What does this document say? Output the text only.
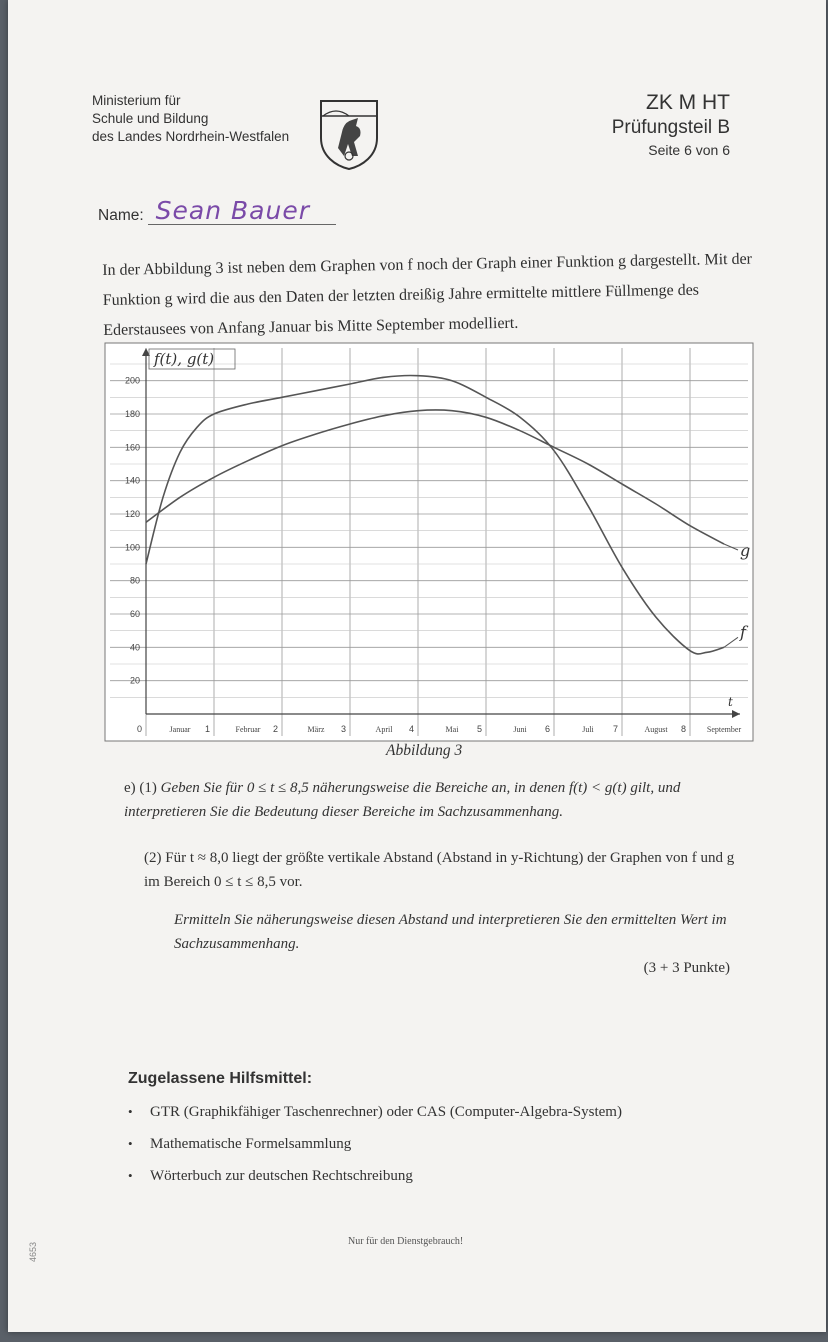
Ministerium für
Schule und Bildung
des Landes Nordrhein-Westfalen
ZK M HT
Prüfungsteil B
Seite 6 von 6
Name: Sean Bauer
In der Abbildung 3 ist neben dem Graphen von f noch der Graph einer Funktion g dargestellt. Mit der Funktion g wird die aus den Daten der letzten dreißig Jahre ermittelte mittlere Füllmenge des Ederstausees von Anfang Januar bis Mitte September modelliert.
20
40
60
80
100
120
140
160
180
200
0	1	2	3	4	5	6	7	8
Januar	Februar	März	April	Mai	Juni	Juli	August	September
f(t), g(t)
t
f
g
Abbildung 3
e) (1) Geben Sie für 0 ≤ t ≤ 8,5 näherungsweise die Bereiche an, in denen f(t) < g(t) gilt, und interpretieren Sie die Bedeutung dieser Bereiche im Sachzusammenhang.
(2) Für t ≈ 8,0 liegt der größte vertikale Abstand (Abstand in y-Richtung) der Graphen von f und g im Bereich 0 ≤ t ≤ 8,5 vor.
Ermitteln Sie näherungsweise diesen Abstand und interpretieren Sie den ermittelten Wert im Sachzusammenhang.
(3 + 3 Punkte)
Zugelassene Hilfsmittel:
• GTR (Graphikfähiger Taschenrechner) oder CAS (Computer-Algebra-System)
• Mathematische Formelsammlung
• Wörterbuch zur deutschen Rechtschreibung
Nur für den Dienstgebrauch!
4653
